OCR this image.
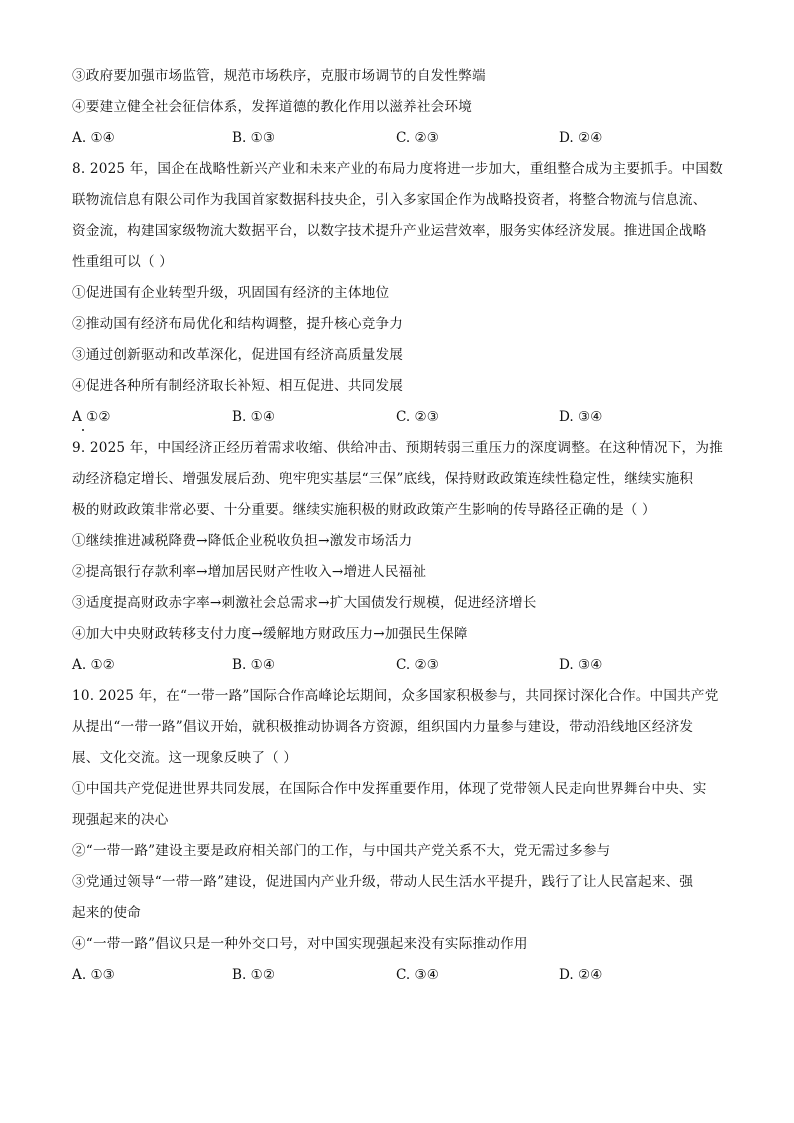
③政府要加强市场监管，规范市场秩序，克服市场调节的自发性弊端
④要建立健全社会征信体系，发挥道德的教化作用以滋养社会环境
A. ①④	B. ①③	C. ②③	D. ②④
8. 2025 年，国企在战略性新兴产业和未来产业的布局力度将进一步加大，重组整合成为主要抓手。中国数
联物流信息有限公司作为我国首家数据科技央企，引入多家国企作为战略投资者，将整合物流与信息流、
资金流，构建国家级物流大数据平台，以数字技术提升产业运营效率，服务实体经济发展。推进国企战略
性重组可以（ ）
①促进国有企业转型升级，巩固国有经济的主体地位
②推动国有经济布局优化和结构调整，提升核心竞争力
③通过创新驱动和改革深化，促进国有经济高质量发展
④促进各种所有制经济取长补短、相互促进、共同发展
A ①②	B. ①④	C. ②③	D. ③④
9. 2025 年，中国经济正经历着需求收缩、供给冲击、预期转弱三重压力的深度调整。在这种情况下，为推
动经济稳定增长、增强发展后劲、兜牢兜实基层“三保”底线，保持财政政策连续性稳定性，继续实施积
极的财政政策非常必要、十分重要。继续实施积极的财政政策产生影响的传导路径正确的是（ ）
①继续推进减税降费→降低企业税收负担→激发市场活力
②提高银行存款利率→增加居民财产性收入→增进人民福祉
③适度提高财政赤字率→刺激社会总需求→扩大国债发行规模，促进经济增长
④加大中央财政转移支付力度→缓解地方财政压力→加强民生保障
A. ①②	B. ①④	C. ②③	D. ③④
10. 2025 年，在“一带一路”国际合作高峰论坛期间，众多国家积极参与，共同探讨深化合作。中国共产党
从提出“一带一路”倡议开始，就积极推动协调各方资源，组织国内力量参与建设，带动沿线地区经济发
展、文化交流。这一现象反映了（ ）
①中国共产党促进世界共同发展，在国际合作中发挥重要作用，体现了党带领人民走向世界舞台中央、实
现强起来的决心
②“一带一路”建设主要是政府相关部门的工作，与中国共产党关系不大，党无需过多参与
③党通过领导“一带一路”建设，促进国内产业升级，带动人民生活水平提升，践行了让人民富起来、强
起来的使命
④“一带一路”倡议只是一种外交口号，对中国实现强起来没有实际推动作用
A. ①③	B. ①②	C. ③④	D. ②④
